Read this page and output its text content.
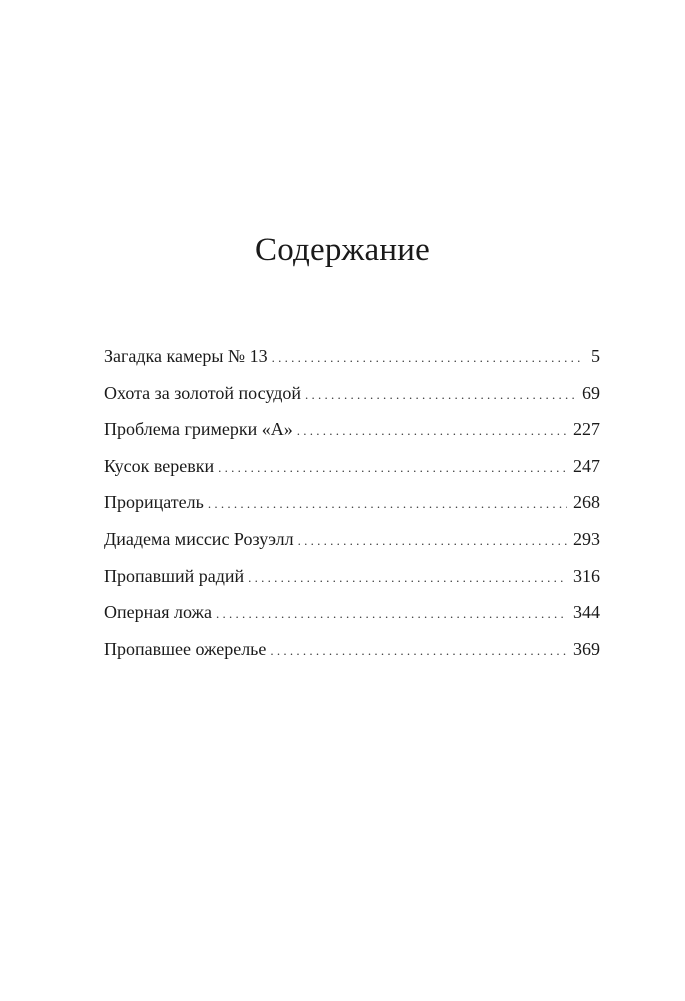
Содержание
Загадка камеры № 13 . . .	5
Охота за золотой посудой . . .	69
Проблема гримерки «А» . . .	227
Кусок веревки . . .	247
Прорицатель . . .	268
Диадема миссис Розуэлл . . .	293
Пропавший радий . . .	316
Оперная ложа . . .	344
Пропавшее ожерелье . . .	369
